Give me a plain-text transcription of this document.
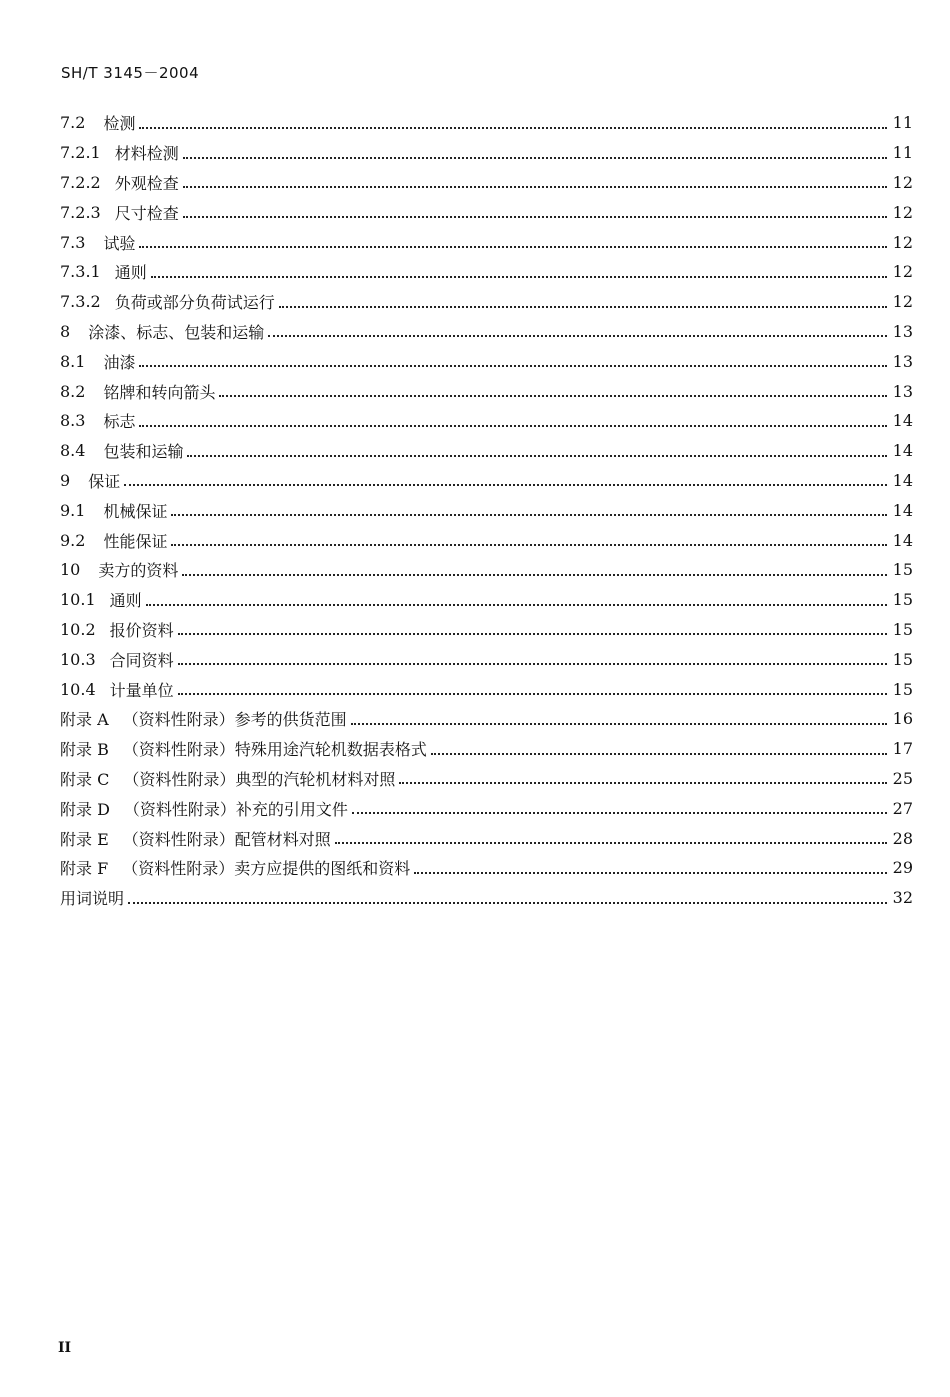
SH/T 3145－2004
7.2 检测	11
7.2.1 材料检测	11
7.2.2 外观检查	12
7.2.3 尺寸检查	12
7.3 试验	12
7.3.1 通则	12
7.3.2 负荷或部分负荷试运行	12
8 涂漆、标志、包装和运输	13
8.1 油漆	13
8.2 铭牌和转向箭头	13
8.3 标志	14
8.4 包装和运输	14
9 保证	14
9.1 机械保证	14
9.2 性能保证	14
10 卖方的资料	15
10.1 通则	15
10.2 报价资料	15
10.3 合同资料	15
10.4 计量单位	15
附录 A （资料性附录）参考的供货范围	16
附录 B （资料性附录）特殊用途汽轮机数据表格式	17
附录 C （资料性附录）典型的汽轮机材料对照	25
附录 D （资料性附录）补充的引用文件	27
附录 E （资料性附录）配管材料对照	28
附录 F （资料性附录）卖方应提供的图纸和资料	29
用词说明	32
II
